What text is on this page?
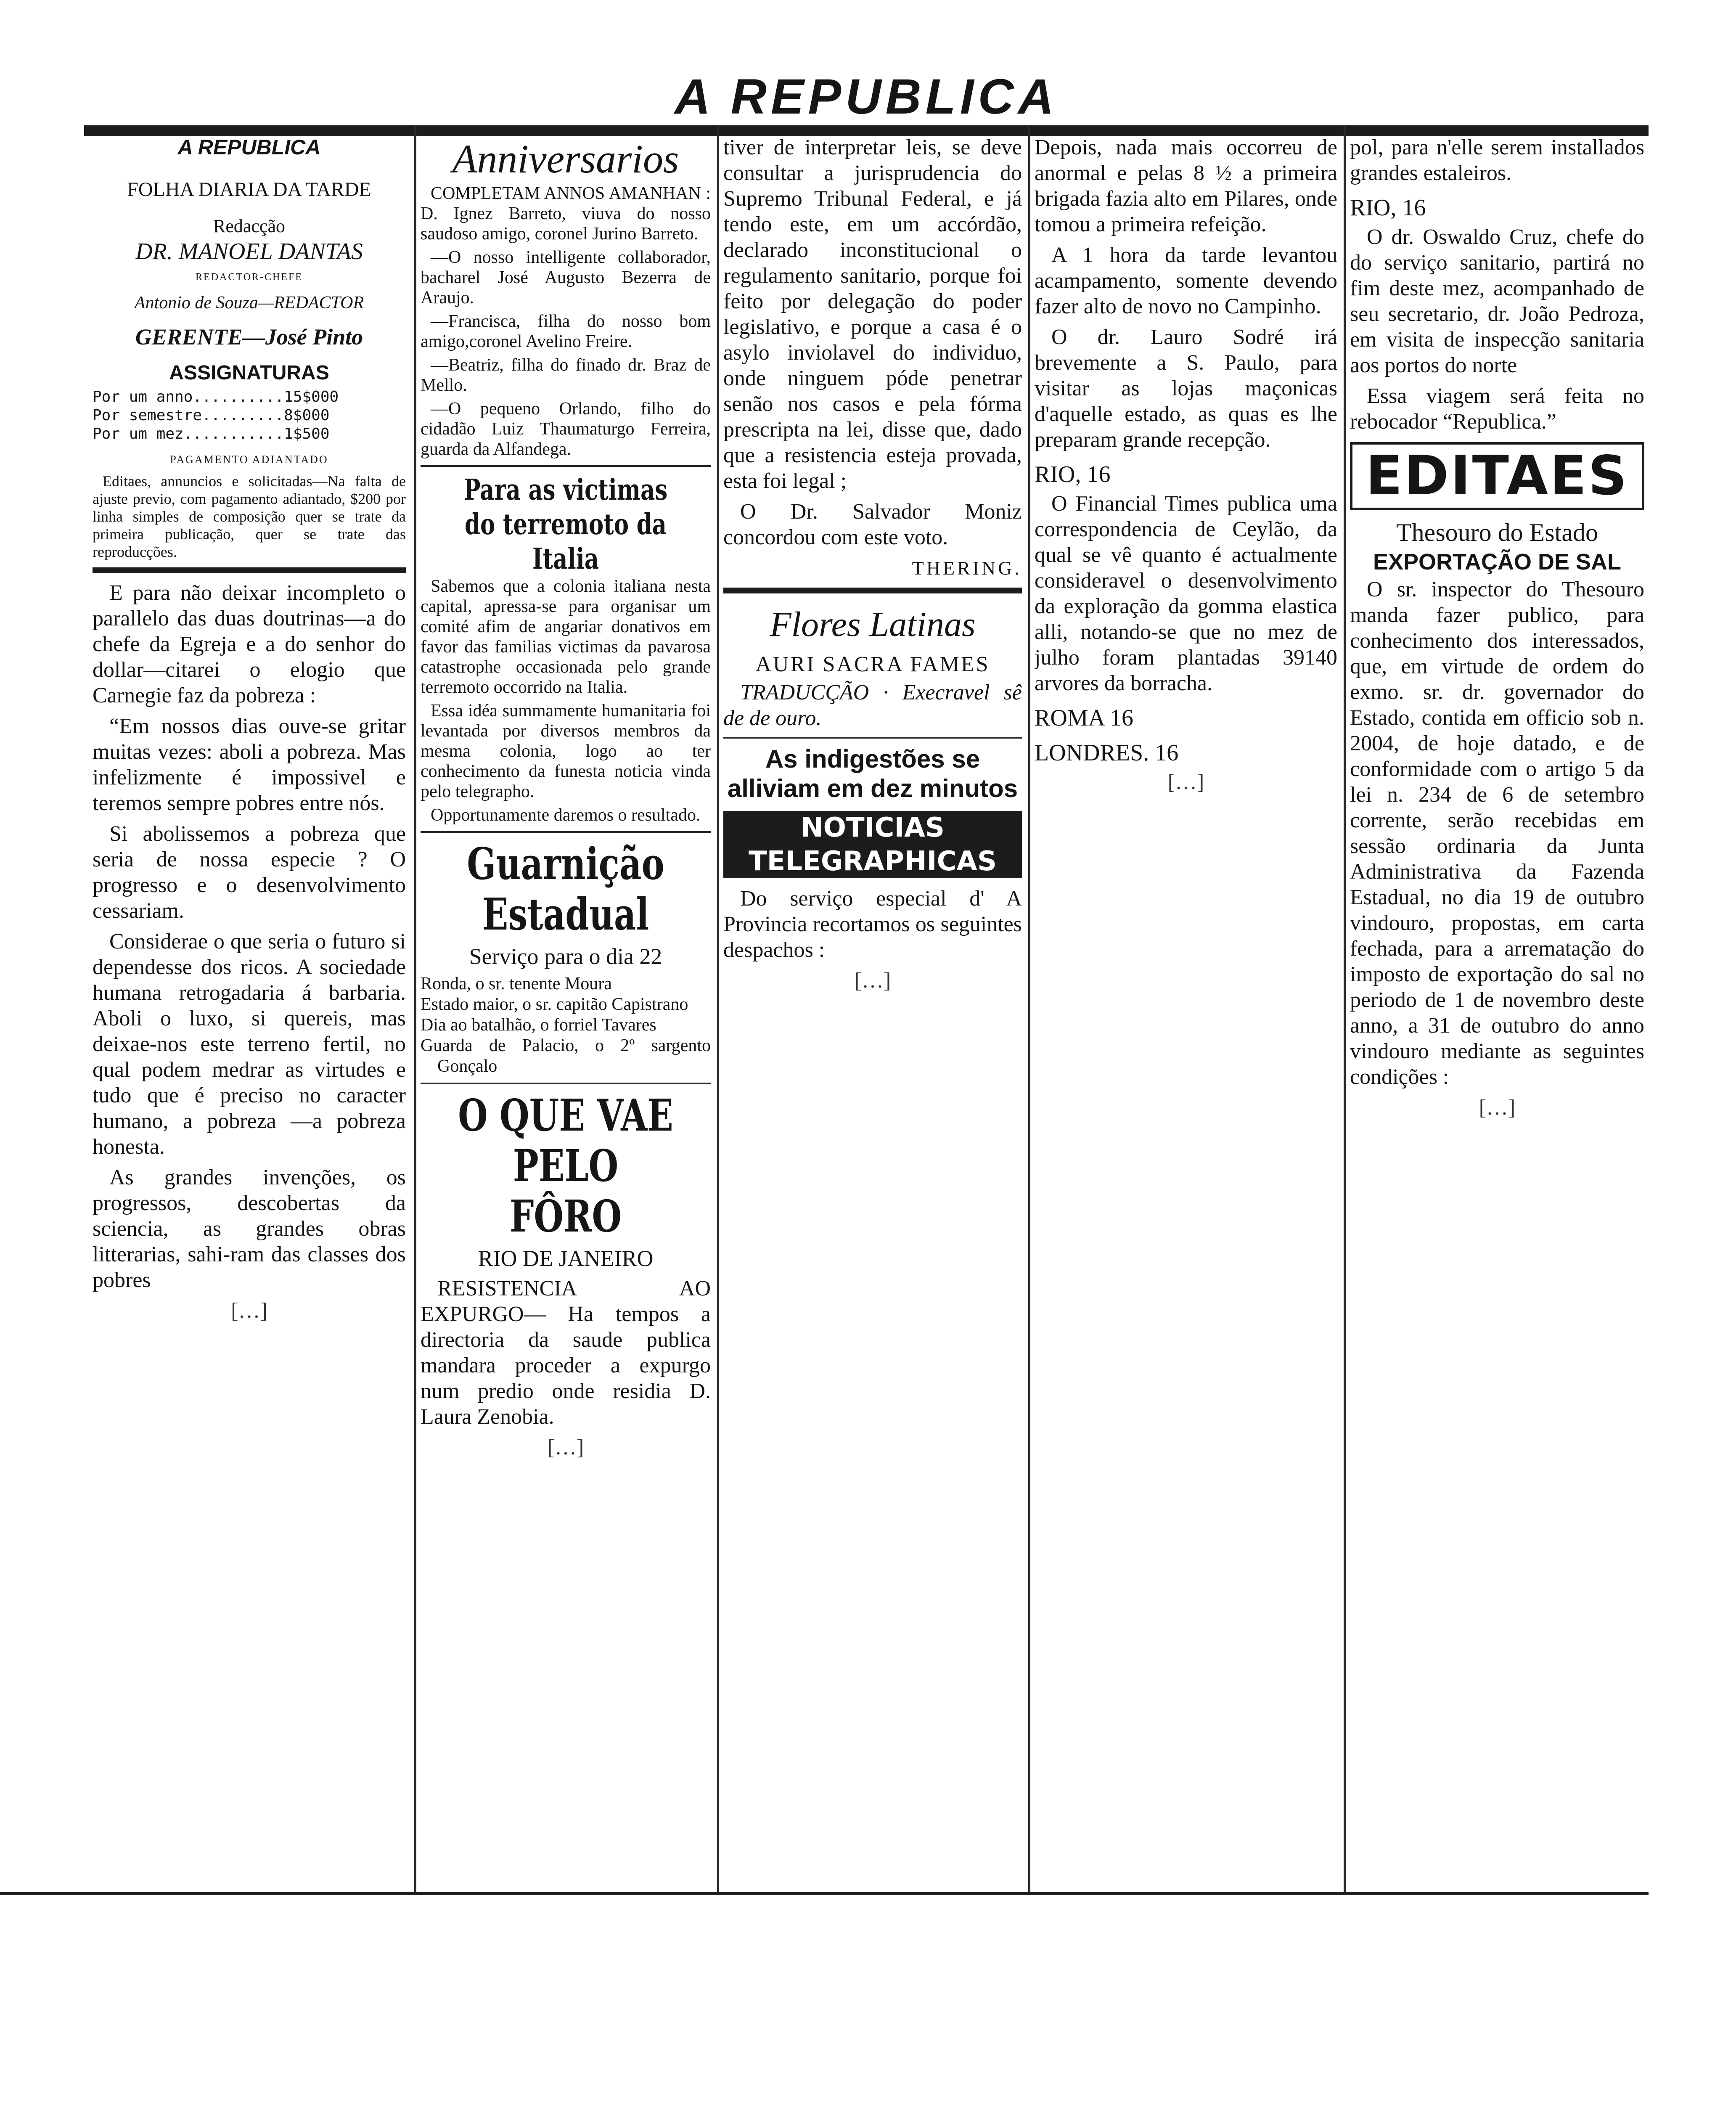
A REPUBLICA
A REPUBLICA
FOLHA DIARIA DA TARDE
Redacção
DR. MANOEL DANTAS
REDACTOR-CHEFE
Antonio de Souza—REDACTOR
GERENTE—José Pinto
ASSIGNATURAS
Por um anno..........15$000
Por semestre.........8$000
Por um mez...........1$500
PAGAMENTO ADIANTADO

Editaes, annuncios e solicitadas—Na falta de ajuste previo, com pagamento adiantado, $200 por linha simples de composição quer se trate da primeira publicação, quer se trate das reproducções.

E para não deixar incompleto o parallelo das duas doutrinas—a do chefe da Egreja e a do senhor do dollar—citarei o elogio que Carnegie faz da pobreza :

“Em nossos dias ouve-se gritar muitas vezes: aboli a pobreza. Mas infelizmente é impossivel e teremos sempre pobres entre nós.

Si abolissemos a pobreza que seria de nossa especie ? O progresso e o desenvolvimento cessariam.

Considerae o que seria o futuro si dependesse dos ricos. A sociedade humana retrogadaria á barbaria. Aboli o luxo, si quereis, mas deixae-nos este terreno fertil, no qual podem medrar as virtudes e tudo que é preciso no caracter humano, a pobreza —a pobreza honesta.

As grandes invenções, os progressos, descobertas da sciencia, as grandes obras litterarias, sahi-ram das classes dos pobres

[…]

Anniversarios

COMPLETAM ANNOS AMANHAN : D. Ignez Barreto, viuva do nosso saudoso amigo, coronel Jurino Barreto.

—O nosso intelligente collaborador, bacharel José Augusto Bezerra de Araujo.

—Francisca, filha do nosso bom amigo,coronel Avelino Freire.

—Beatriz, filha do finado dr. Braz de Mello.

—O pequeno Orlando, filho do cidadão Luiz Thaumaturgo Ferreira, guarda da Alfandega.

Para as victimas do terremoto da Italia

Sabemos que a colonia italiana nesta capital, apressa-se para organisar um comité afim de angariar donativos em favor das familias victimas da pavarosa catastrophe occasionada pelo grande terremoto occorrido na Italia.

Essa idéa summamente humanitaria foi levantada por diversos membros da mesma colonia, logo ao ter conhecimento da funesta noticia vinda pelo telegrapho.

Opportunamente daremos o resultado.

Guarnição Estadual
Serviço para o dia 22
Ronda, o sr. tenente Moura
Estado maior, o sr. capitão Capistrano
Dia ao batalhão, o forriel Tavares
Guarda de Palacio, o 2º sargento Gonçalo
O QUE VAE PELO FÔRO
RIO DE JANEIRO

RESISTENCIA AO EXPURGO— Ha tempos a directoria da saude publica mandara proceder a expurgo num predio onde residia D. Laura Zenobia.

[…]

tiver de interpretar leis, se deve consultar a jurisprudencia do Supremo Tribunal Federal, e já tendo este, em um accórdão, declarado inconstitucional o regulamento sanitario, porque foi feito por delegação do poder legislativo, e porque a casa é o asylo inviolavel do individuo, onde ninguem póde penetrar senão nos casos e pela fórma prescripta na lei, disse que, dado que a resistencia esteja provada, esta foi legal ;

O Dr. Salvador Moniz concordou com este voto.

THERING.

Flores Latinas
AURI SACRA FAMES

TRADUCÇÃO · Execravel sê de de ouro.

As indigestões se alliviam em dez minutos
NOTICIAS TELEGRAPHICAS

Do serviço especial d' A Provincia recortamos os seguintes despachos :

[…]

Depois, nada mais occorreu de anormal e pelas 8 ½ a primeira brigada fazia alto em Pilares, onde tomou a primeira refeição.

A 1 hora da tarde levantou acampamento, somente devendo fazer alto de novo no Campinho.

O dr. Lauro Sodré irá brevemente a S. Paulo, para visitar as lojas maçonicas d'aquelle estado, as quas es lhe preparam grande recepção.

RIO, 16

O Financial Times publica uma correspondencia de Ceylão, da qual se vê quanto é actualmente consideravel o desenvolvimento da exploração da gomma elastica alli, notando-se que no mez de julho foram plantadas 39140 arvores da borracha.

ROMA 16

LONDRES. 16

[…]

pol, para n'elle serem installados grandes estaleiros.

RIO, 16

O dr. Oswaldo Cruz, chefe do do serviço sanitario, partirá no fim deste mez, acompanhado de seu secretario, dr. João Pedroza, em visita de inspecção sanitaria aos portos do norte

Essa viagem será feita no rebocador “Republica.”

EDITAES
Thesouro do Estado
EXPORTAÇÃO DE SAL

O sr. inspector do Thesouro manda fazer publico, para conhecimento dos interessados, que, em virtude de ordem do exmo. sr. dr. governador do Estado, contida em officio sob n. 2004, de hoje datado, e de conformidade com o artigo 5 da lei n. 234 de 6 de setembro corrente, serão recebidas em sessão ordinaria da Junta Administrativa da Fazenda Estadual, no dia 19 de outubro vindouro, propostas, em carta fechada, para a arrematação do imposto de exportação do sal no periodo de 1 de novembro deste anno, a 31 de outubro do anno vindouro mediante as seguintes condições :

[…]
